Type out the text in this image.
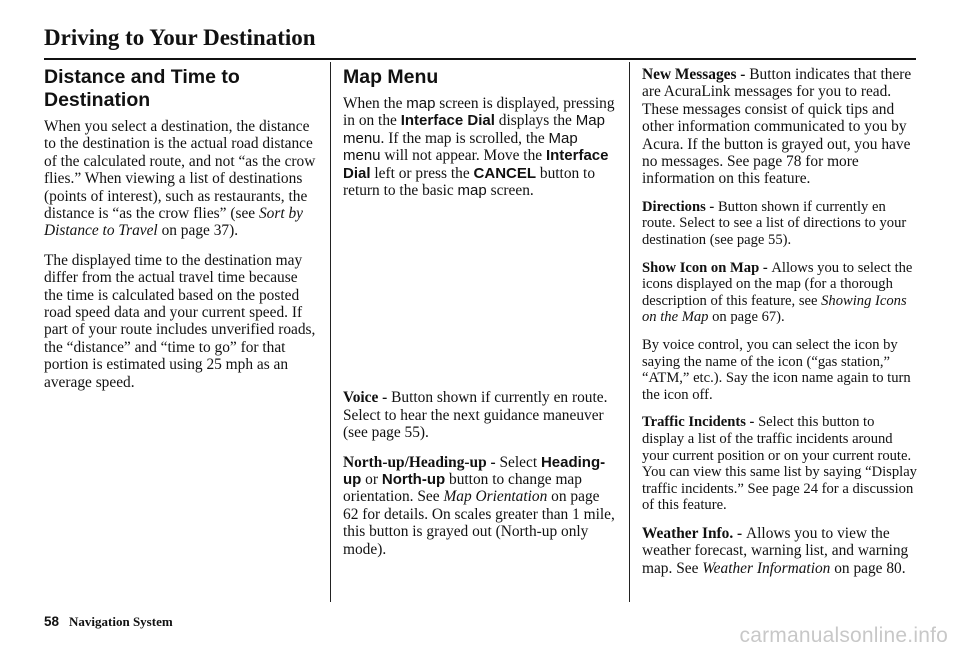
Driving to Your Destination
Distance and Time to Destination

When you select a destination, the distance to the destination is the actual road distance of the calculated route, and not “as the crow flies.” When viewing a list of destinations (points of interest), such as restaurants, the distance is “as the crow flies” (see Sort by Distance to Travel on page 37).

The displayed time to the destination may differ from the actual travel time because the time is calculated based on the posted road speed data and your current speed. If part of your route includes unverified roads, the “distance” and “time to go” for that portion is estimated using 25 mph as an average speed.

Map Menu

When the map screen is displayed, pressing in on the Interface Dial displays the Map menu. If the map is scrolled, the Map menu will not appear. Move the Interface Dial left or press the CANCEL button to return to the basic map screen.

Voice - Button shown if currently en route. Select to hear the next guidance maneuver (see page 55).

North-up/Heading-up - Select Heading-up or North-up button to change map orientation. See Map Orientation on page 62 for details. On scales greater than 1 mile, this button is grayed out (North-up only mode).

New Messages - Button indicates that there are AcuraLink messages for you to read. These messages consist of quick tips and other information communicated to you by Acura. If the button is grayed out, you have no messages. See page 78 for more information on this feature.

Directions - Button shown if currently en route. Select to see a list of directions to your destination (see page 55).

Show Icon on Map - Allows you to select the icons displayed on the map (for a thorough description of this feature, see Showing Icons on the Map on page 67).

By voice control, you can select the icon by saying the name of the icon (“gas station,” “ATM,” etc.). Say the icon name again to turn the icon off.

Traffic Incidents - Select this button to display a list of the traffic incidents around your current position or on your current route. You can view this same list by saying “Display traffic incidents.” See page 24 for a discussion of this feature.

Weather Info. - Allows you to view the weather forecast, warning list, and warning map. See Weather Information on page 80.

58 Navigation System
carmanualsonline.info
